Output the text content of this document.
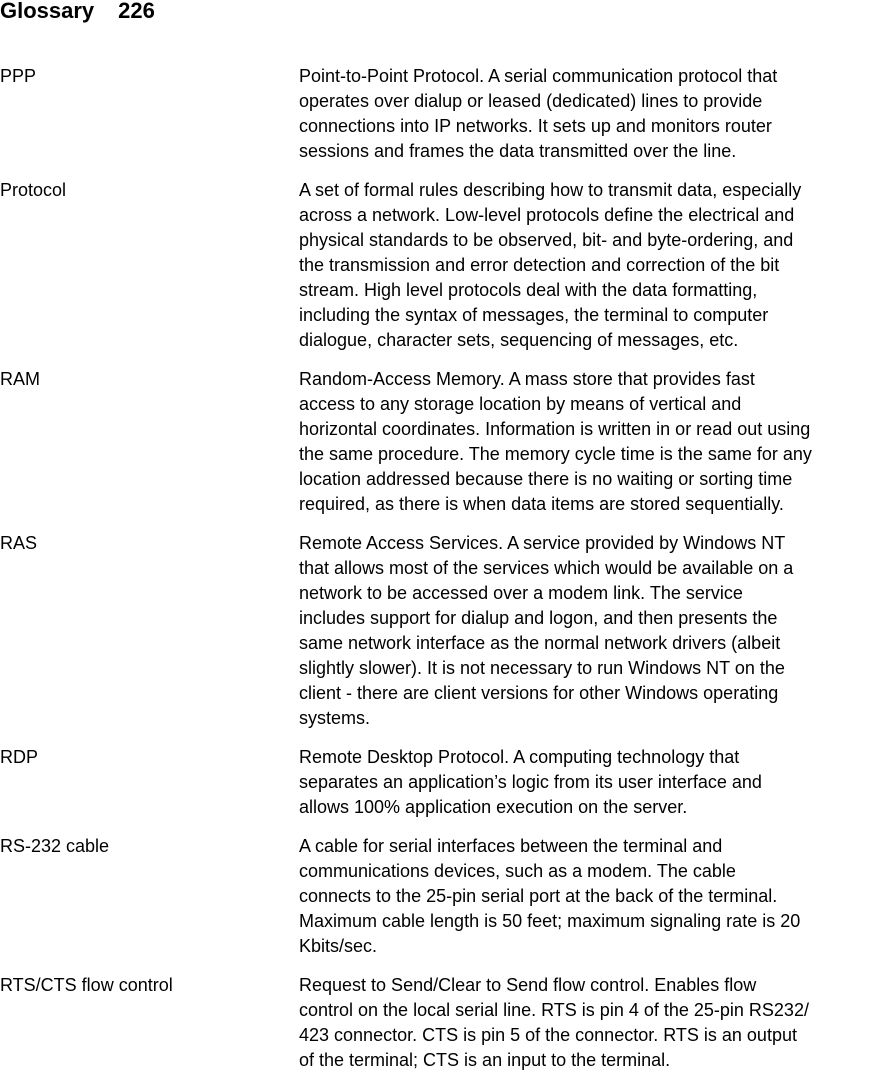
Glossary 226
PPP	Point-to-Point Protocol. A serial communication protocol that
operates over dialup or leased (dedicated) lines to provide
connections into IP networks. It sets up and monitors router
sessions and frames the data transmitted over the line.
Protocol	A set of formal rules describing how to transmit data, especially
across a network. Low-level protocols define the electrical and
physical standards to be observed, bit- and byte-ordering, and
the transmission and error detection and correction of the bit
stream. High level protocols deal with the data formatting,
including the syntax of messages, the terminal to computer
dialogue, character sets, sequencing of messages, etc.
RAM	Random-Access Memory. A mass store that provides fast
access to any storage location by means of vertical and
horizontal coordinates. Information is written in or read out using
the same procedure. The memory cycle time is the same for any
location addressed because there is no waiting or sorting time
required, as there is when data items are stored sequentially.
RAS	Remote Access Services. A service provided by Windows NT
that allows most of the services which would be available on a
network to be accessed over a modem link. The service
includes support for dialup and logon, and then presents the
same network interface as the normal network drivers (albeit
slightly slower). It is not necessary to run Windows NT on the
client - there are client versions for other Windows operating
systems.
RDP	Remote Desktop Protocol. A computing technology that
separates an application’s logic from its user interface and
allows 100% application execution on the server.
RS-232 cable	A cable for serial interfaces between the terminal and
communications devices, such as a modem. The cable
connects to the 25-pin serial port at the back of the terminal.
Maximum cable length is 50 feet; maximum signaling rate is 20
Kbits/sec.
RTS/CTS flow control	Request to Send/Clear to Send flow control. Enables flow
control on the local serial line. RTS is pin 4 of the 25-pin RS232/
423 connector. CTS is pin 5 of the connector. RTS is an output
of the terminal; CTS is an input to the terminal.
